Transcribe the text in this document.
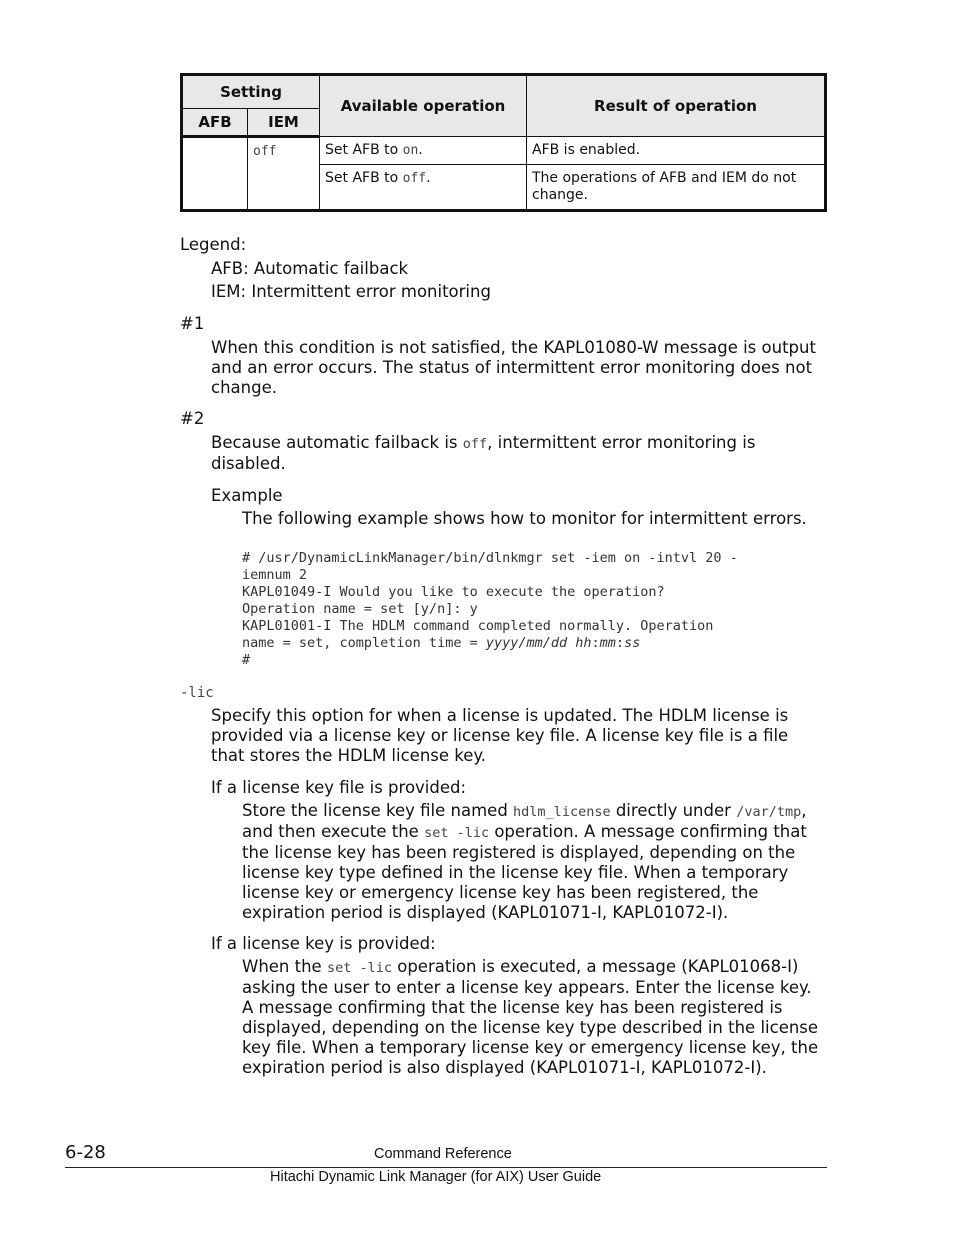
Setting		Available operation	Result of operation
AFB	IEM		
	off	Set AFB to on.	AFB is enabled.
		Set AFB to off.	The operations of AFB and IEM do not change.
Legend:
AFB: Automatic failback
IEM: Intermittent error monitoring
#1
When this condition is not satisfied, the KAPL01080-W message is output and an error occurs. The status of intermittent error monitoring does not change.
#2
Because automatic failback is off, intermittent error monitoring is disabled.
Example
The following example shows how to monitor for intermittent errors.
# /usr/DynamicLinkManager/bin/dlnkmgr set -iem on -intvl 20 -
iemnum 2
KAPL01049-I Would you like to execute the operation?
Operation name = set [y/n]: y
KAPL01001-I The HDLM command completed normally. Operation
name = set, completion time = yyyy/mm/dd hh:mm:ss
#
-lic
Specify this option for when a license is updated. The HDLM license is provided via a license key or license key file. A license key file is a file that stores the HDLM license key.
If a license key file is provided:
Store the license key file named hdlm_license directly under /var/tmp, and then execute the set -lic operation. A message confirming that the license key has been registered is displayed, depending on the license key type defined in the license key file. When a temporary license key or emergency license key has been registered, the expiration period is displayed (KAPL01071-I, KAPL01072-I).
If a license key is provided:
When the set -lic operation is executed, a message (KAPL01068-I) asking the user to enter a license key appears. Enter the license key. A message confirming that the license key has been registered is displayed, depending on the license key type described in the license key file. When a temporary license key or emergency license key, the expiration period is also displayed (KAPL01071-I, KAPL01072-I).
6-28	Command Reference
Hitachi Dynamic Link Manager (for AIX) User Guide
